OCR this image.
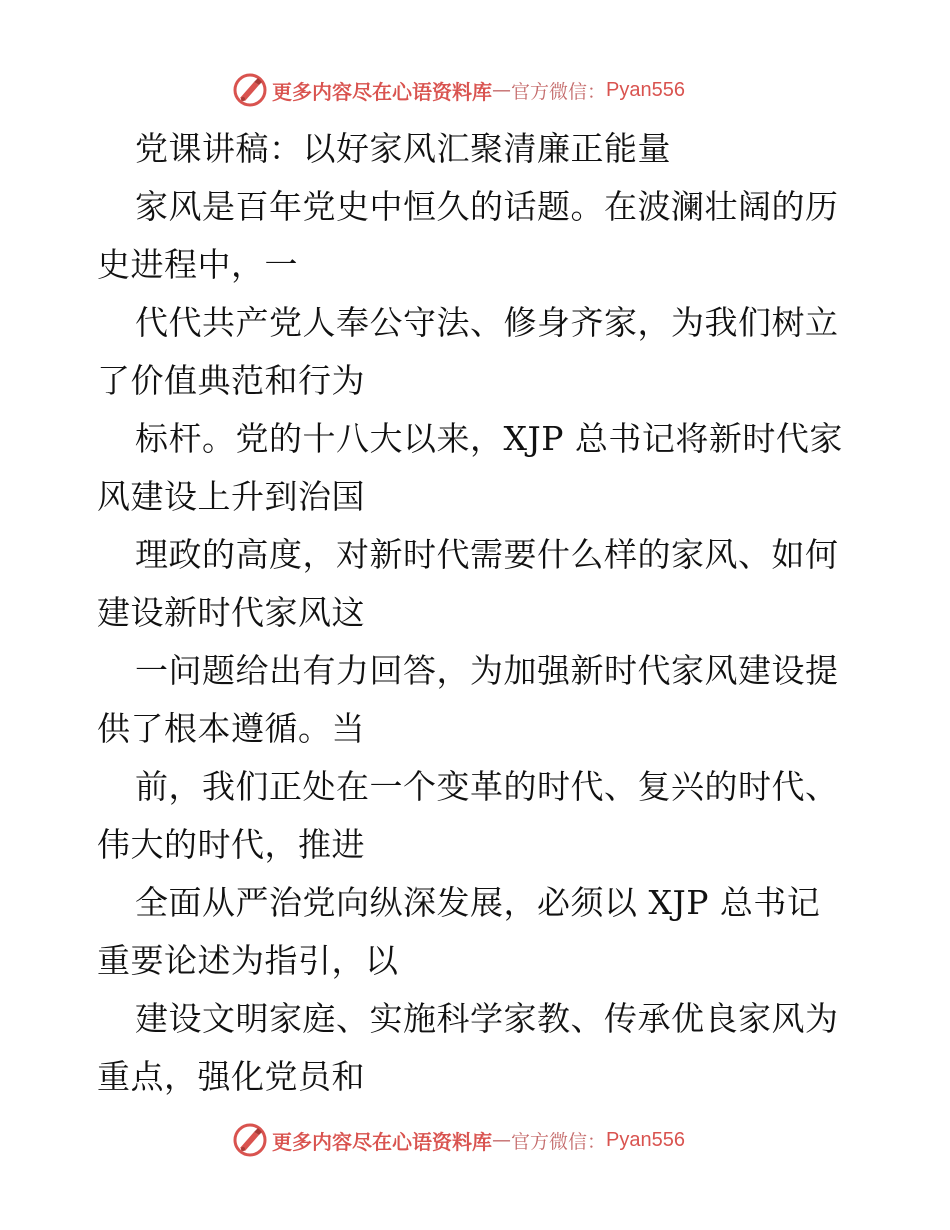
更多内容尽在心语资料库 — 官方微信： Pyan556
党课讲稿：以好家风汇聚清廉正能量
家风是百年党史中恒久的话题。在波澜壮阔的历
史进程中，一
代代共产党人奉公守法、修身齐家，为我们树立
了价值典范和行为
标杆。党的十八大以来，XJP 总书记将新时代家
风建设上升到治国
理政的高度，对新时代需要什么样的家风、如何
建设新时代家风这
一问题给出有力回答，为加强新时代家风建设提
供了根本遵循。当
前，我们正处在一个变革的时代、复兴的时代、
伟大的时代，推进
全面从严治党向纵深发展，必须以 XJP 总书记
重要论述为指引，以
建设文明家庭、实施科学家教、传承优良家风为
重点，强化党员和
更多内容尽在心语资料库 — 官方微信： Pyan556
